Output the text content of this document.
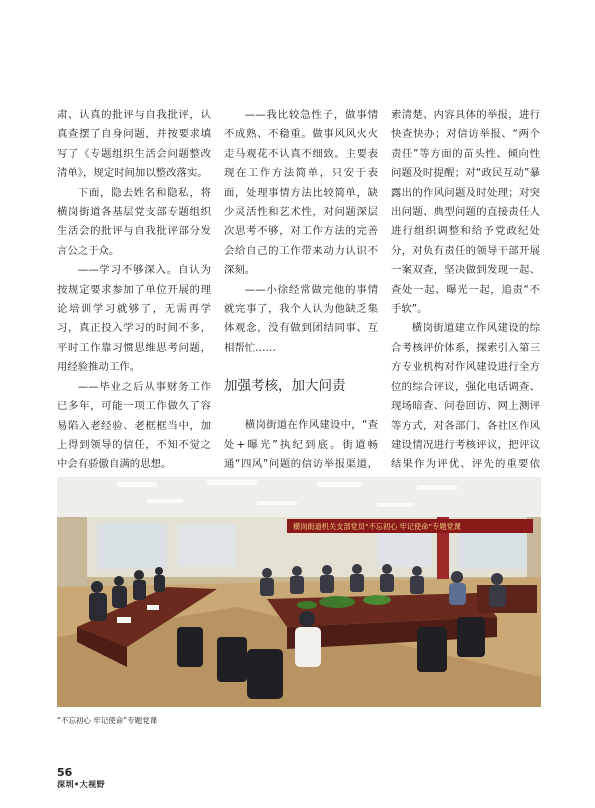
肃、认真的批评与自我批评，认真查摆了自身问题，并按要求填写了《专题组织生活会问题整改清单》，规定时间加以整改落实。

下面，隐去姓名和隐私，将横岗街道各基层党支部专题组织生活会的批评与自我批评部分发言公之于众。

——学习不够深入。自认为按规定要求参加了单位开展的理论培训学习就够了，无需再学习，真正投入学习的时间不多，平时工作靠习惯思维思考问题，用经验推动工作。

——毕业之后从事财务工作已多年，可能一项工作做久了容易陷入老经验、老框框当中，加上得到领导的信任，不知不觉之中会有骄傲自满的思想。

——我比较急性子，做事情不成熟、不稳重。做事风风火火走马观花不认真不细致。主要表现在工作方法简单，只安于表面，处理事情方法比较简单，缺少灵活性和艺术性，对问题深层次思考不够，对工作方法的完善会给自己的工作带来动力认识不深刻。

——小徐经常做完他的事情就完事了，我个人认为他缺乏集体观念，没有做到团结同事、互相帮忙……

加强考核，加大问责

横岗街道在作风建设中，“查处+曝光”执纪到底。街道畅通“四风”问题的信访举报渠道，

索清楚、内容具体的举报，进行快查快办；对信访举报、“两个责任”等方面的苗头性、倾向性问题及时提醒；对“政民互动”暴露出的作风问题及时处理；对突出问题、典型问题的直接责任人进行组织调整和给予党政纪处分，对负有责任的领导干部开展一案双查，坚决做到发现一起、查处一起、曝光一起，追责“不手软”。

横岗街道建立作风建设的综合考核评价体系，探索引入第三方专业机构对作风建设进行全方位的综合评议，强化电话调查、现场暗查、问卷回访、网上测评等方式，对各部门、各社区作风建设情况进行考核评议，把评议结果作为评优、评先的重要依

横岗街道机关支部党员“不忘初心 牢记使命”专题党课
“不忘初心 牢记使命”专题党课
56
深圳•大视野
